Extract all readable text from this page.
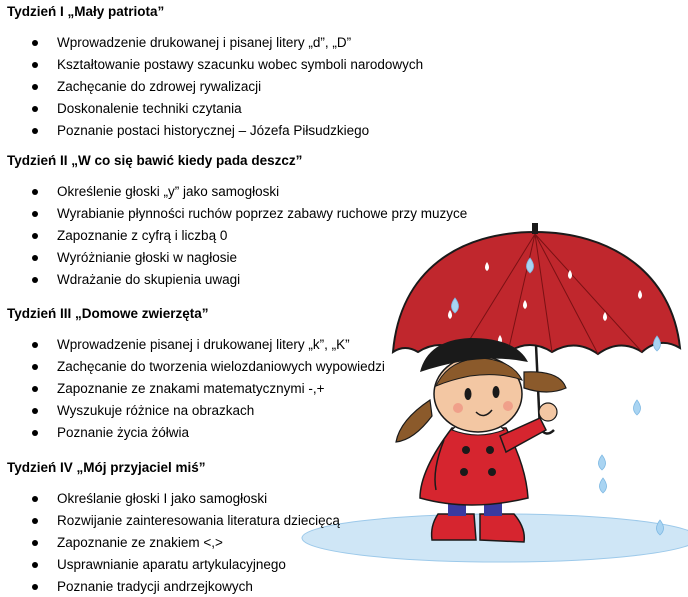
Tydzień I „Mały patriota”
Wprowadzenie drukowanej i pisanej litery „d”, „D”
Kształtowanie postawy szacunku wobec symboli narodowych
Zachęcanie do zdrowej rywalizacji
Doskonalenie techniki czytania
Poznanie postaci historycznej – Józefa Piłsudzkiego
Tydzień II „W co się bawić kiedy pada deszcz”
Określenie głoski „y” jako samogłoski
Wyrabianie płynności ruchów poprzez zabawy ruchowe przy muzyce
Zapoznanie z cyfrą i liczbą 0
Wyróżnianie głoski w nagłosie
Wdrażanie do skupienia uwagi
Tydzień III „Domowe zwierzęta”
Wprowadzenie pisanej i drukowanej litery „k”, „K”
Zachęcanie do tworzenia wielozdaniowych wypowiedzi
Zapoznanie ze znakami matematycznymi -,+
Wyszukuje różnice na obrazkach
Poznanie życia żółwia
Tydzień IV „Mój przyjaciel miś”
Określanie głoski I jako samogłoski
Rozwijanie zainteresowania literatura dziecięcą
Zapoznanie ze znakiem <,>
Usprawnianie aparatu artykulacyjnego
Poznanie tradycji andrzejkowych
